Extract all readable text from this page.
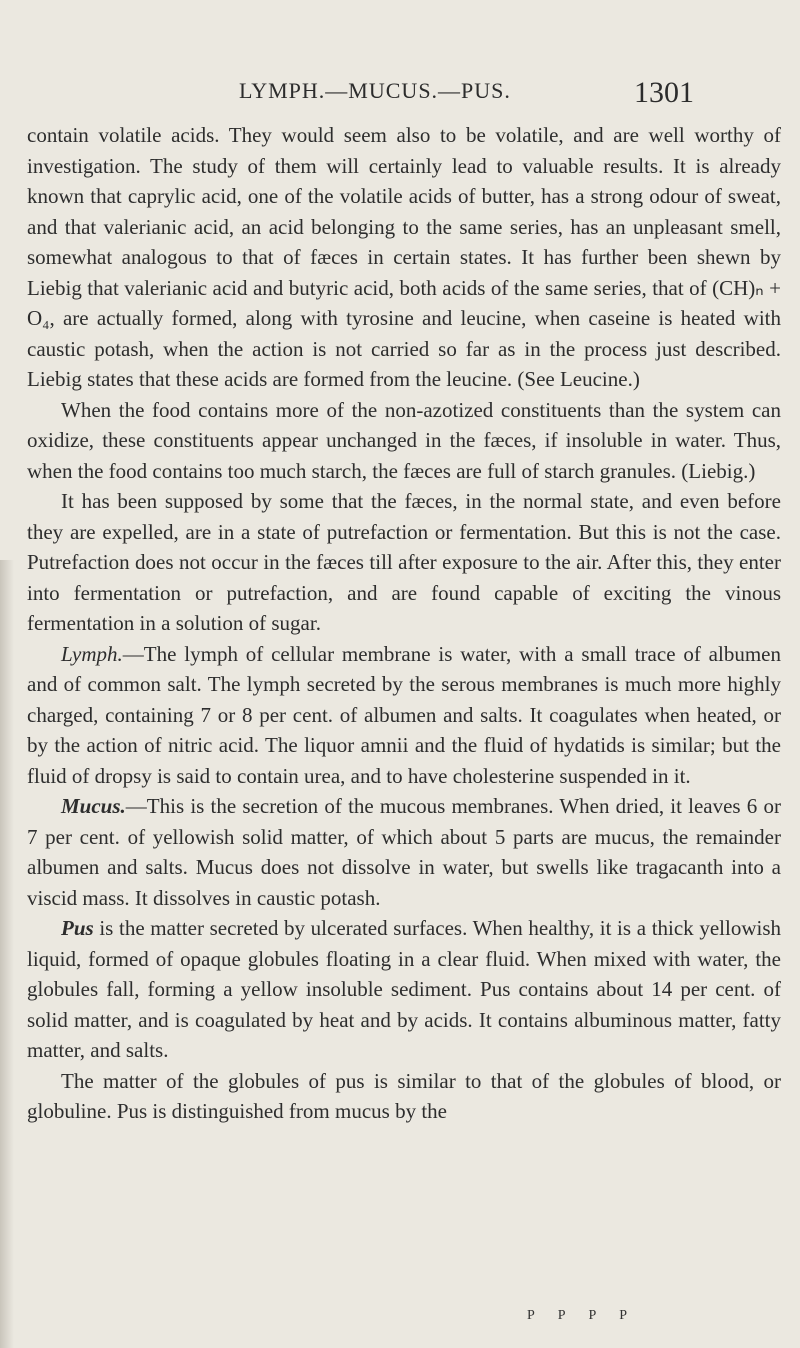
LYMPH.—MUCUS.—PUS.	1301

contain volatile acids. They would seem also to be volatile, and are well worthy of investigation. The study of them will certainly lead to valuable results. It is already known that caprylic acid, one of the volatile acids of butter, has a strong odour of sweat, and that valerianic acid, an acid belonging to the same series, has an unpleasant smell, somewhat analogous to that of fæces in certain states. It has further been shewn by Liebig that valerianic acid and butyric acid, both acids of the same series, that of (CH)ₙ + O₄, are actually formed, along with tyrosine and leucine, when caseine is heated with caustic potash, when the action is not carried so far as in the process just described. Liebig states that these acids are formed from the leucine. (See Leucine.)

When the food contains more of the non-azotized constituents than the system can oxidize, these constituents appear unchanged in the fæces, if insoluble in water. Thus, when the food contains too much starch, the fæces are full of starch granules. (Liebig.)

It has been supposed by some that the fæces, in the normal state, and even before they are expelled, are in a state of putrefaction or fermentation. But this is not the case. Putrefaction does not occur in the fæces till after exposure to the air. After this, they enter into fermentation or putrefaction, and are found capable of exciting the vinous fermentation in a solution of sugar.

Lymph.—The lymph of cellular membrane is water, with a small trace of albumen and of common salt. The lymph secreted by the serous membranes is much more highly charged, containing 7 or 8 per cent. of albumen and salts. It coagulates when heated, or by the action of nitric acid. The liquor amnii and the fluid of hydatids is similar; but the fluid of dropsy is said to contain urea, and to have cholesterine suspended in it.

Mucus.—This is the secretion of the mucous membranes. When dried, it leaves 6 or 7 per cent. of yellowish solid matter, of which about 5 parts are mucus, the remainder albumen and salts. Mucus does not dissolve in water, but swells like tragacanth into a viscid mass. It dissolves in caustic potash.

Pus is the matter secreted by ulcerated surfaces. When healthy, it is a thick yellowish liquid, formed of opaque globules floating in a clear fluid. When mixed with water, the globules fall, forming a yellow insoluble sediment. Pus contains about 14 per cent. of solid matter, and is coagulated by heat and by acids. It contains albuminous matter, fatty matter, and salts.

The matter of the globules of pus is similar to that of the globules of blood, or globuline. Pus is distinguished from mucus by the

P P P P
